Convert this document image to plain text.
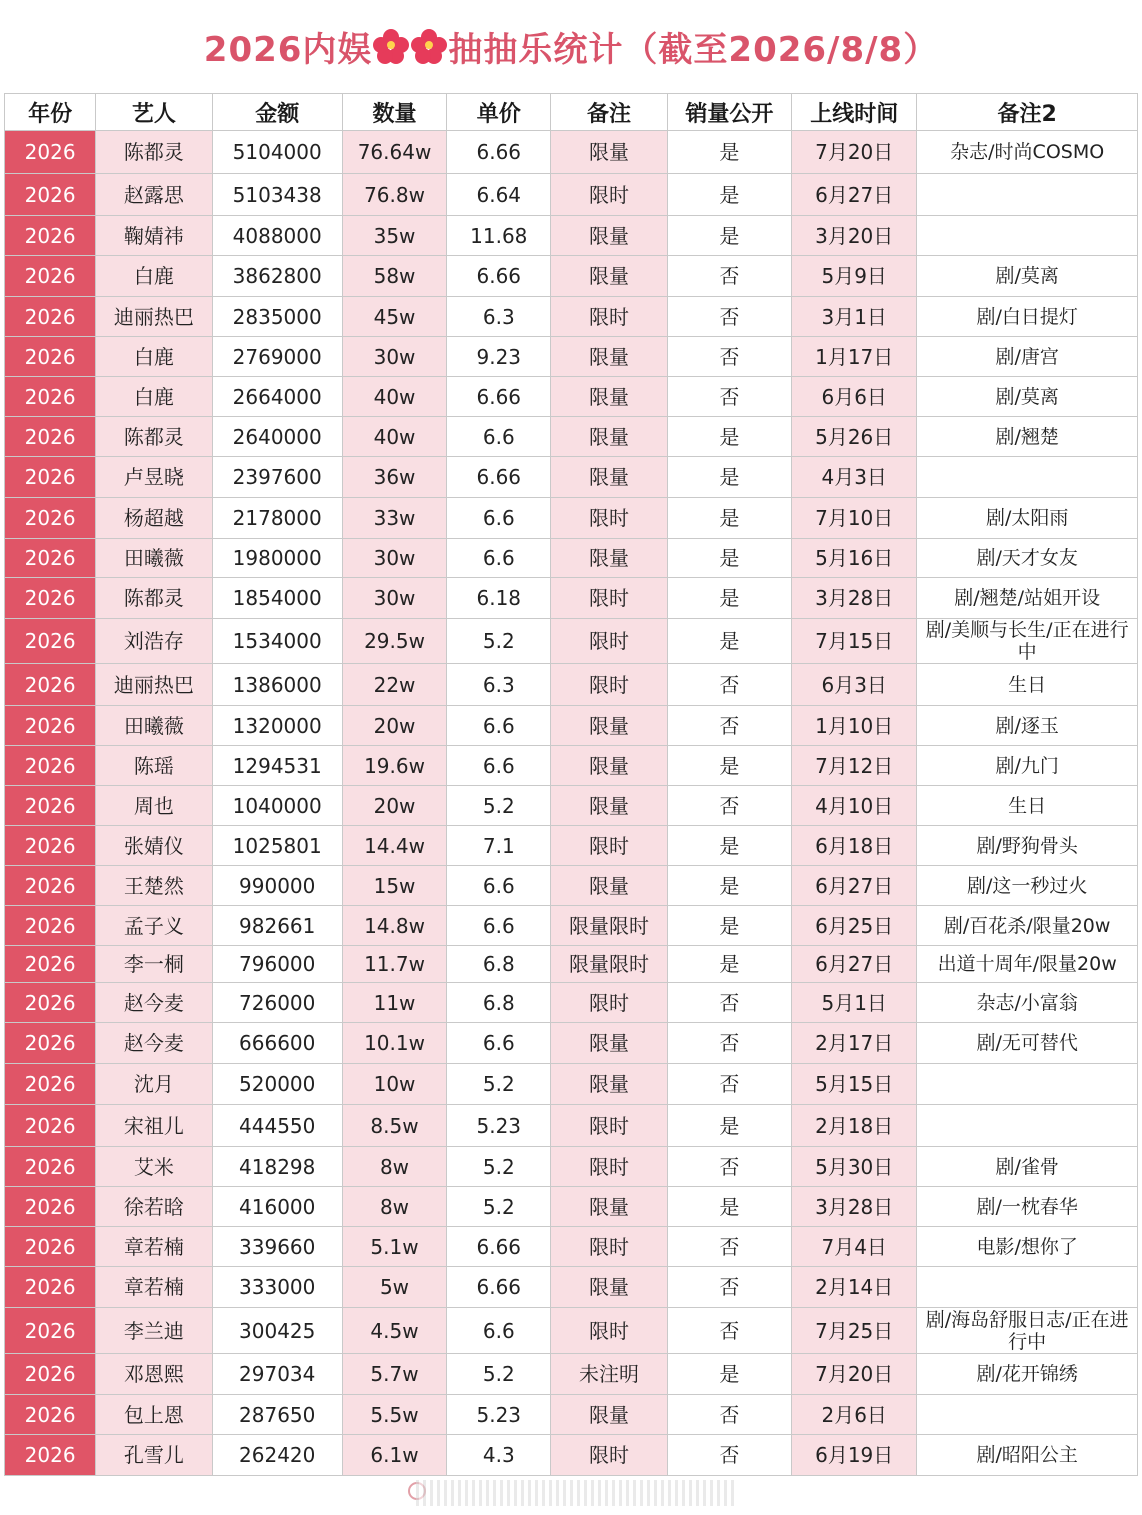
2026内娱 抽抽乐统计（截至2026/8/8）
年份	艺人	金额	数量	单价	备注	销量公开	上线时间	备注2
2026	陈都灵	5104000	76.64w	6.66	限量	是	7月20日	杂志/时尚COSMO
2026	赵露思	5103438	76.8w	6.64	限时	是	6月27日	
2026	鞠婧祎	4088000	35w	11.68	限量	是	3月20日	
2026	白鹿	3862800	58w	6.66	限量	否	5月9日	剧/莫离
2026	迪丽热巴	2835000	45w	6.3	限时	否	3月1日	剧/白日提灯
2026	白鹿	2769000	30w	9.23	限量	否	1月17日	剧/唐宫
2026	白鹿	2664000	40w	6.66	限量	否	6月6日	剧/莫离
2026	陈都灵	2640000	40w	6.6	限量	是	5月26日	剧/翘楚
2026	卢昱晓	2397600	36w	6.66	限量	是	4月3日	
2026	杨超越	2178000	33w	6.6	限时	是	7月10日	剧/太阳雨
2026	田曦薇	1980000	30w	6.6	限量	是	5月16日	剧/天才女友
2026	陈都灵	1854000	30w	6.18	限时	是	3月28日	剧/翘楚/站姐开设
2026	刘浩存	1534000	29.5w	5.2	限时	是	7月15日	剧/美顺与长生/正在进行中
2026	迪丽热巴	1386000	22w	6.3	限时	否	6月3日	生日
2026	田曦薇	1320000	20w	6.6	限量	否	1月10日	剧/逐玉
2026	陈瑶	1294531	19.6w	6.6	限量	是	7月12日	剧/九门
2026	周也	1040000	20w	5.2	限量	否	4月10日	生日
2026	张婧仪	1025801	14.4w	7.1	限时	是	6月18日	剧/野狗骨头
2026	王楚然	990000	15w	6.6	限量	是	6月27日	剧/这一秒过火
2026	孟子义	982661	14.8w	6.6	限量限时	是	6月25日	剧/百花杀/限量20w
2026	李一桐	796000	11.7w	6.8	限量限时	是	6月27日	出道十周年/限量20w
2026	赵今麦	726000	11w	6.8	限时	否	5月1日	杂志/小富翁
2026	赵今麦	666600	10.1w	6.6	限量	否	2月17日	剧/无可替代
2026	沈月	520000	10w	5.2	限量	否	5月15日	
2026	宋祖儿	444550	8.5w	5.23	限时	是	2月18日	
2026	艾米	418298	8w	5.2	限时	否	5月30日	剧/雀骨
2026	徐若晗	416000	8w	5.2	限量	是	3月28日	剧/一枕春华
2026	章若楠	339660	5.1w	6.66	限时	否	7月4日	电影/想你了
2026	章若楠	333000	5w	6.66	限量	否	2月14日	
2026	李兰迪	300425	4.5w	6.6	限时	否	7月25日	剧/海岛舒服日志/正在进行中
2026	邓恩熙	297034	5.7w	5.2	未注明	是	7月20日	剧/花开锦绣
2026	包上恩	287650	5.5w	5.23	限量	否	2月6日	
2026	孔雪儿	262420	6.1w	4.3	限时	否	6月19日	剧/昭阳公主
